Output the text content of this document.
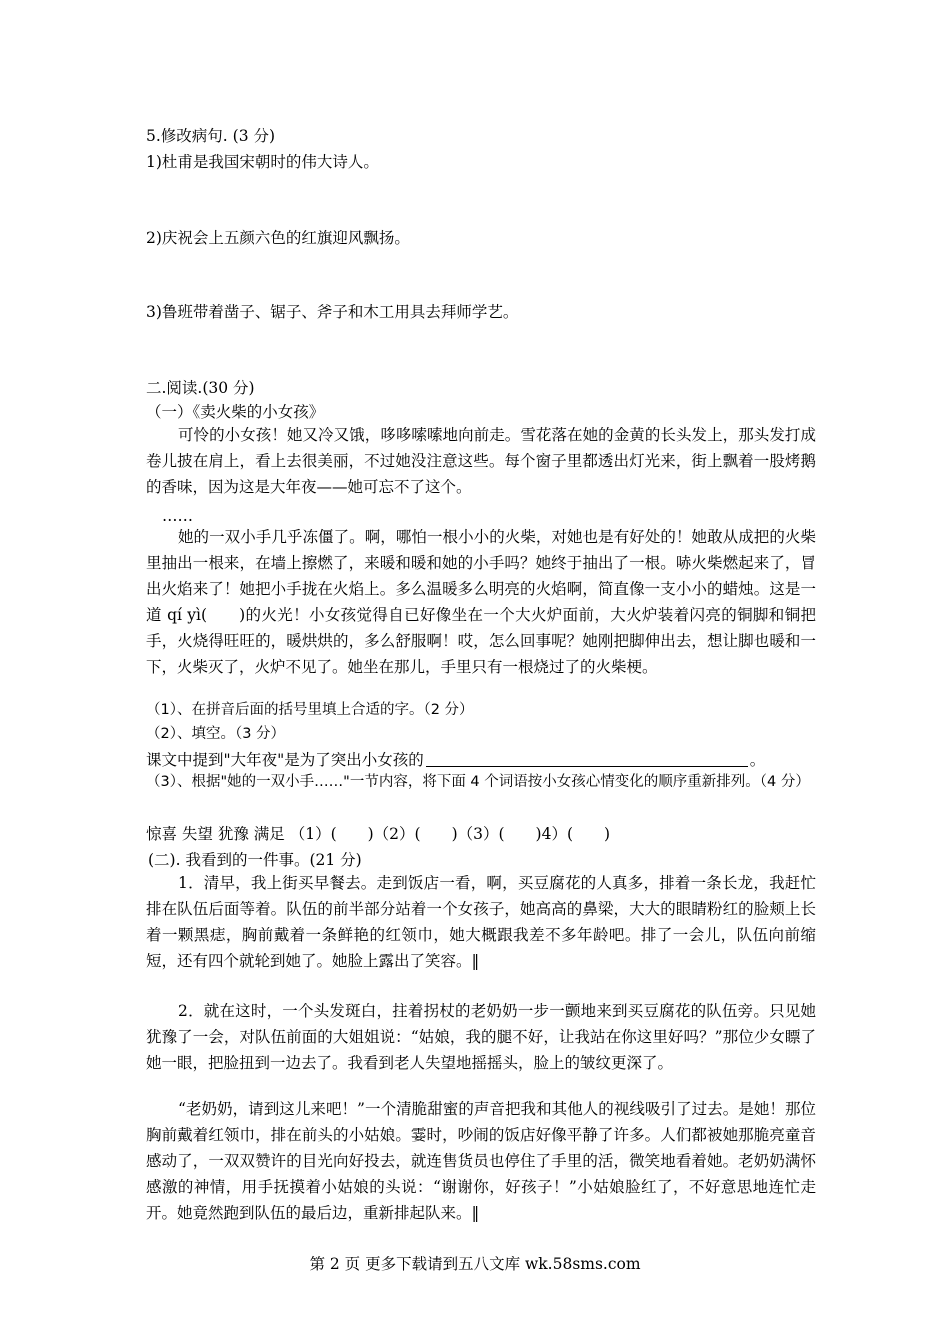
5.修改病句. (3 分)
1)杜甫是我国宋朝时的伟大诗人。
2)庆祝会上五颜六色的红旗迎风飘扬。
3)鲁班带着凿子、锯子、斧子和木工用具去拜师学艺。
二.阅读.(30 分)
（一）《卖火柴的小女孩》
可怜的小女孩！她又冷又饿，哆哆嗦嗦地向前走。雪花落在她的金黄的长头发上，那头发打成卷儿披在肩上，看上去很美丽，不过她没注意这些。每个窗子里都透出灯光来，街上飘着一股烤鹅的香味，因为这是大年夜——她可忘不了这个。
……
她的一双小手几乎冻僵了。啊，哪怕一根小小的火柴，对她也是有好处的！她敢从成把的火柴里抽出一根来，在墙上擦燃了，来暖和暖和她的小手吗？她终于抽出了一根。哧火柴燃起来了，冒出火焰来了！她把小手拢在火焰上。多么温暖多么明亮的火焰啊，简直像一支小小的蜡烛。这是一道 qí yì(　　)的火光！小女孩觉得自已好像坐在一个大火炉面前，大火炉装着闪亮的铜脚和铜把手，火烧得旺旺的，暖烘烘的，多么舒服啊！哎，怎么回事呢？她刚把脚伸出去，想让脚也暖和一下，火柴灭了，火炉不见了。她坐在那儿，手里只有一根烧过了的火柴梗。
（1）、在拼音后面的括号里填上合适的字。（2 分）
（2）、填空。（3 分）
课文中提到"大年夜"是为了突出小女孩的	。
（3）、根据"她的一双小手……"一节内容，将下面 4 个词语按小女孩心情变化的顺序重新排列。（4 分）
惊喜 失望 犹豫 满足 （1）(　　)（2）(　　)（3）(　　)4）(　　)
(二). 我看到的一件事。(21 分)
1．清早，我上街买早餐去。走到饭店一看，啊，买豆腐花的人真多，排着一条长龙，我赶忙排在队伍后面等着。队伍的前半部分站着一个女孩子，她高高的鼻梁，大大的眼睛粉红的脸颊上长着一颗黑痣，胸前戴着一条鲜艳的红领巾，她大概跟我差不多年龄吧。排了一会儿，队伍向前缩短，还有四个就轮到她了。她脸上露出了笑容。‖
2．就在这时，一个头发斑白，拄着拐杖的老奶奶一步一颤地来到买豆腐花的队伍旁。只见她犹豫了一会，对队伍前面的大姐姐说：“姑娘，我的腿不好，让我站在你这里好吗？”那位少女瞟了她一眼，把脸扭到一边去了。我看到老人失望地摇摇头，脸上的皱纹更深了。
“老奶奶，请到这儿来吧！”一个清脆甜蜜的声音把我和其他人的视线吸引了过去。是她！那位胸前戴着红领巾，排在前头的小姑娘。霎时，吵闹的饭店好像平静了许多。人们都被她那脆亮童音感动了，一双双赞许的目光向好投去，就连售货员也停住了手里的活，微笑地看着她。老奶奶满怀感激的神情，用手抚摸着小姑娘的头说：“谢谢你，好孩子！”小姑娘脸红了，不好意思地连忙走开。她竟然跑到队伍的最后边，重新排起队来。‖
第 2 页 更多下载请到五八文库 wk.58sms.com
